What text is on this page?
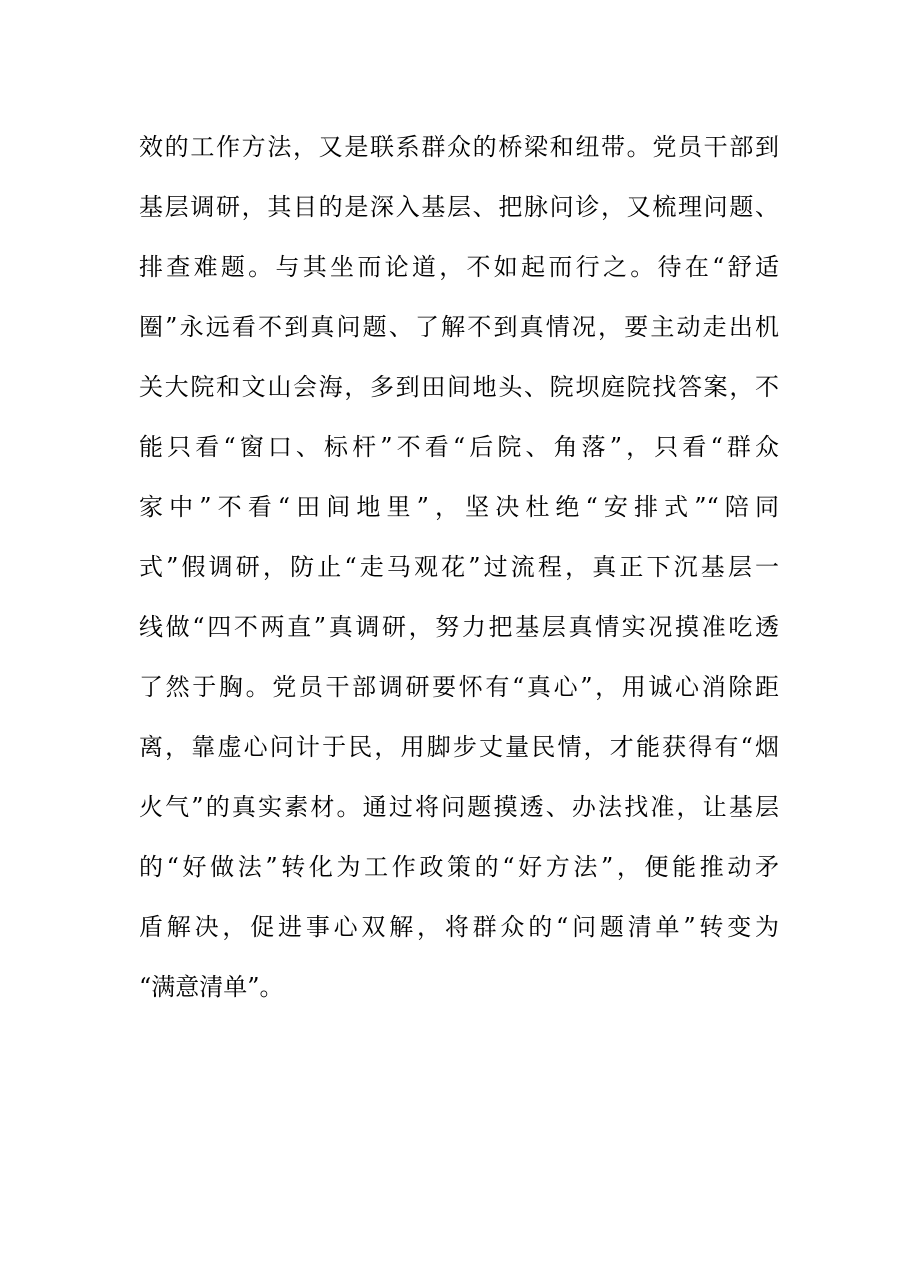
效的工作方法，又是联系群众的桥梁和纽带。党员干部到
基层调研，其目的是深入基层、把脉问诊，又梳理问题、
排查难题。与其坐而论道，不如起而行之。待在“舒适
圈”永远看不到真问题、了解不到真情况，要主动走出机
关大院和文山会海，多到田间地头、院坝庭院找答案，不
能只看“窗口、标杆”不看“后院、角落”，只看“群众
家中”不看“田间地里”，坚决杜绝“安排式”“陪同
式”假调研，防止“走马观花”过流程，真正下沉基层一
线做“四不两直”真调研，努力把基层真情实况摸准吃透
了然于胸。党员干部调研要怀有“真心”，用诚心消除距
离，靠虚心问计于民，用脚步丈量民情，才能获得有“烟
火气”的真实素材。通过将问题摸透、办法找准，让基层
的“好做法”转化为工作政策的“好方法”，便能推动矛
盾解决，促进事心双解，将群众的“问题清单”转变为
“满意清单”。
